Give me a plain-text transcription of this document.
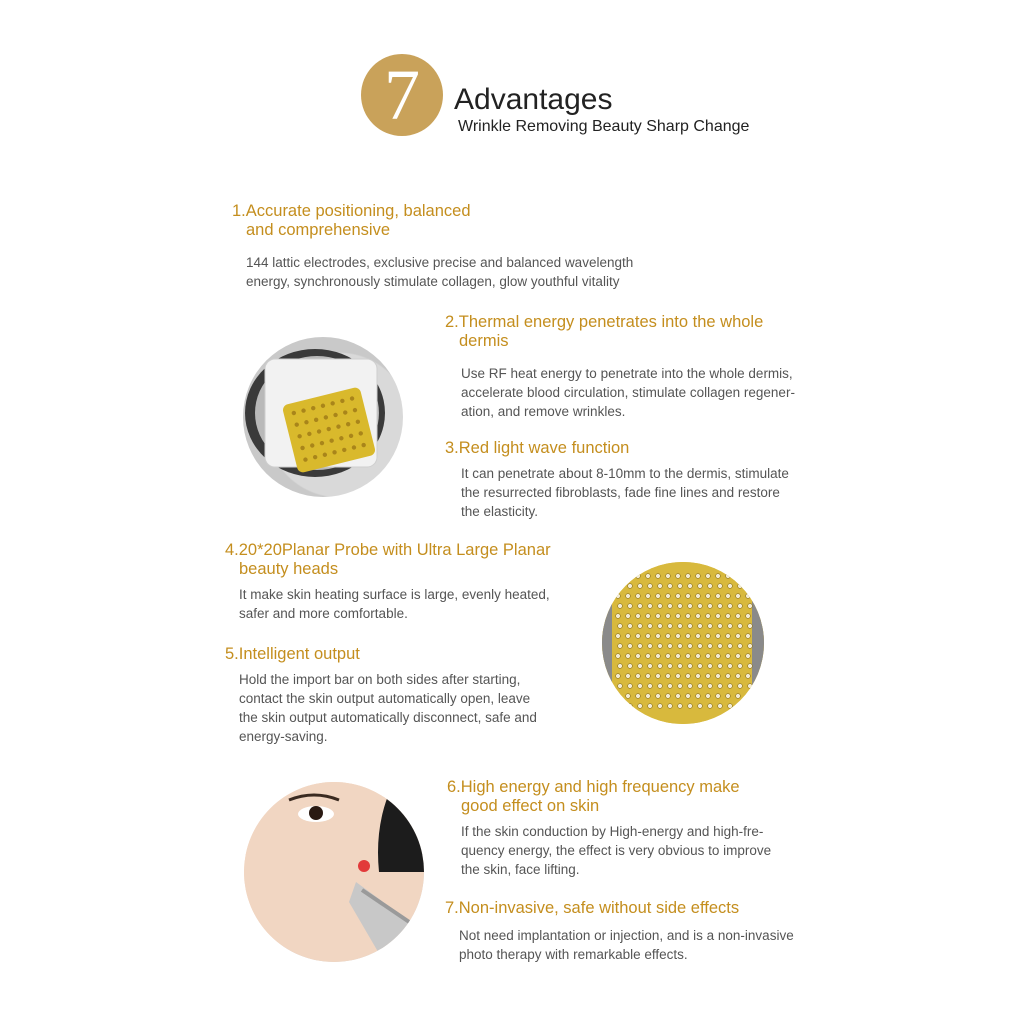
7	Advantages
Wrinkle Removing Beauty Sharp Change
1.Accurate positioning, balanced
and comprehensive
144 lattic electrodes, exclusive precise and balanced wavelength
energy, synchronously stimulate collagen, glow youthful vitality
2.Thermal energy penetrates into the whole
dermis
Use RF heat energy to penetrate into the whole dermis,
accelerate blood circulation, stimulate collagen regener-
ation, and remove wrinkles.
3.Red light wave function
It can penetrate about 8-10mm to the dermis, stimulate
the resurrected fibroblasts, fade fine lines and restore
the elasticity.
4.20*20Planar Probe with Ultra Large Planar
beauty heads
It make skin heating surface is large, evenly heated,
safer and more comfortable.
5.Intelligent output
Hold the import bar on both sides after starting,
contact the skin output automatically open, leave
the skin output automatically disconnect, safe and
energy-saving.
6.High energy and high frequency make
good effect on skin
If the skin conduction by High-energy and high-fre-
quency energy, the effect is very obvious to improve
the skin, face lifting.
7.Non-invasive, safe without side effects
Not need implantation or injection, and is a non-invasive
photo therapy with remarkable effects.
